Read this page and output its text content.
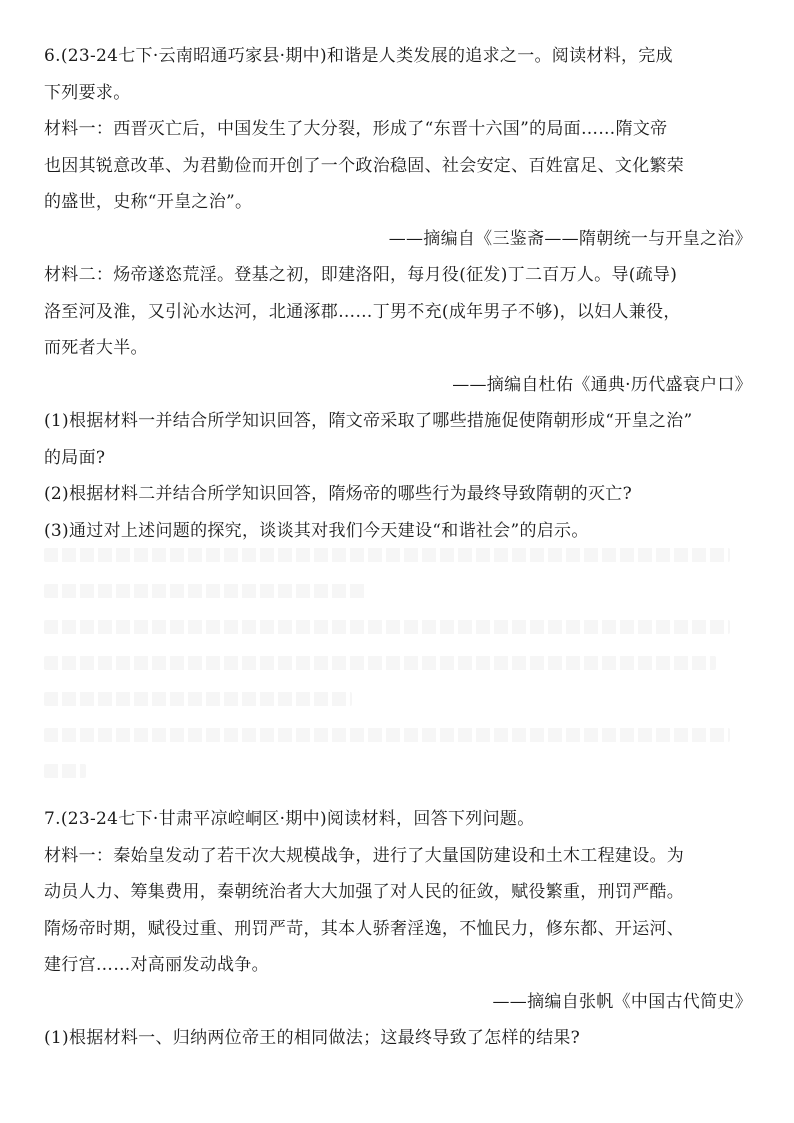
6.(23-24七下·云南昭通巧家县·期中)和谐是人类发展的追求之一。阅读材料，完成
下列要求。
材料一：西晋灭亡后，中国发生了大分裂，形成了“东晋十六国”的局面……隋文帝
也因其锐意改革、为君勤俭而开创了一个政治稳固、社会安定、百姓富足、文化繁荣
的盛世，史称“开皇之治”。
——摘编自《三鉴斋——隋朝统一与开皇之治》
材料二：炀帝遂恣荒淫。登基之初，即建洛阳，每月役(征发)丁二百万人。导(疏导)
洛至河及淮，又引沁水达河，北通涿郡……丁男不充(成年男子不够)，以妇人兼役，
而死者大半。
——摘编自杜佑《通典·历代盛衰户口》
(1)根据材料一并结合所学知识回答，隋文帝采取了哪些措施促使隋朝形成“开皇之治”
的局面?
(2)根据材料二并结合所学知识回答，隋炀帝的哪些行为最终导致隋朝的灭亡?
(3)通过对上述问题的探究，谈谈其对我们今天建设“和谐社会”的启示。
7.(23-24七下·甘肃平凉崆峒区·期中)阅读材料，回答下列问题。
材料一：秦始皇发动了若干次大规模战争，进行了大量国防建设和土木工程建设。为
动员人力、筹集费用，秦朝统治者大大加强了对人民的征敛，赋役繁重，刑罚严酷。
隋炀帝时期，赋役过重、刑罚严苛，其本人骄奢淫逸，不恤民力，修东都、开运河、
建行宫……对高丽发动战争。
——摘编自张帆《中国古代简史》
(1)根据材料一、归纳两位帝王的相同做法；这最终导致了怎样的结果?
